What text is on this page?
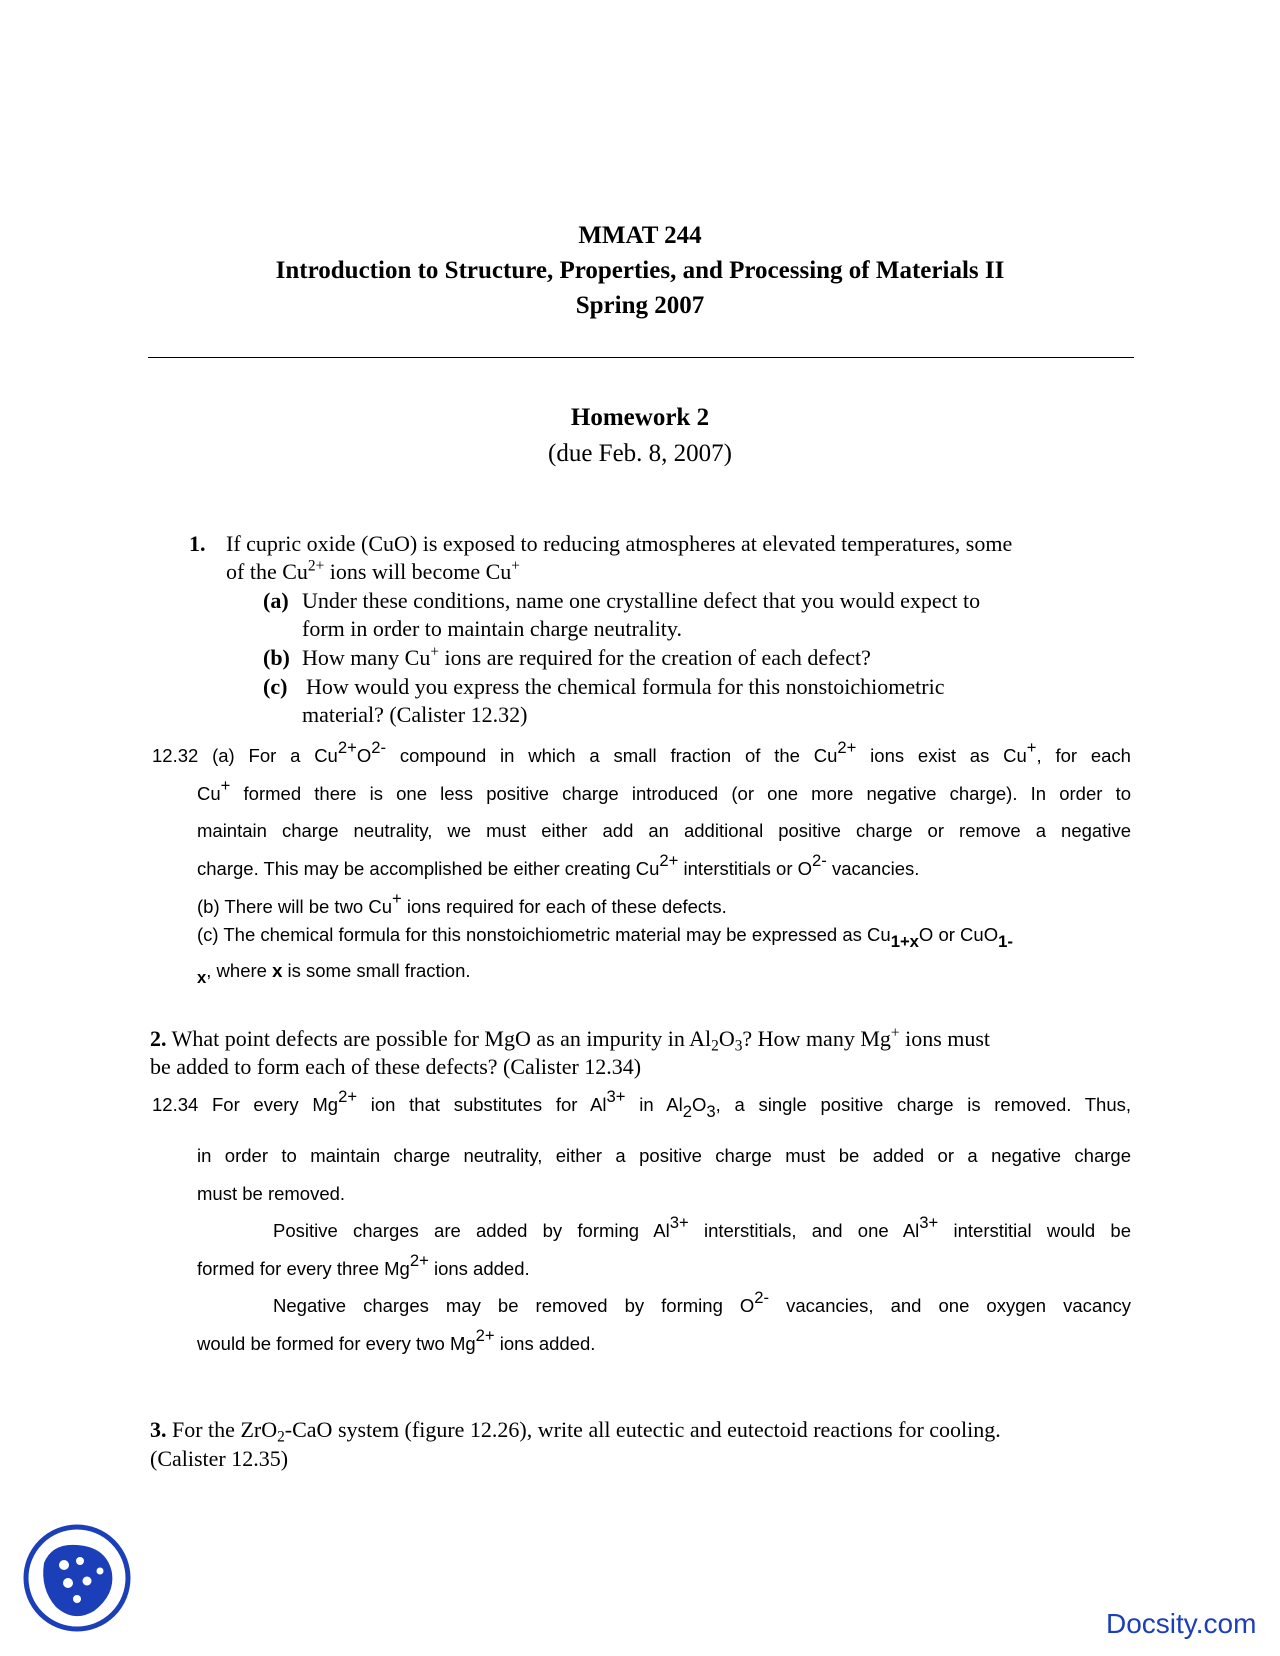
MMAT 244
Introduction to Structure, Properties, and Processing of Materials II
Spring 2007
Homework 2
(due Feb. 8, 2007)
1. If cupric oxide (CuO) is exposed to reducing atmospheres at elevated temperatures, some
of the $Cu^{2+}$ ions will become Cu+
(a) Under these conditions, name one crystalline defect that you would expect to
form in order to maintain charge neutrality.
(b) How many Cu+ ions are required for the creation of each defect?
(c) How would you express the chemical formula for this nonstoichiometric
material? (Calister 12.32)
12.32 (a) For a Cu2+O2- compound in which a small fraction of the Cu2+ ions exist as Cu+, for each
Cu+ formed there is one less positive charge introduced (or one more negative charge). In order to
maintain charge neutrality, we must either add an additional positive charge or remove a negative
charge. This may be accomplished be either creating Cu2+ interstitials or O2- vacancies.
(b) There will be two Cu+ ions required for each of these defects.
(c) The chemical formula for this nonstoichiometric material may be expressed as Cu1+xO or CuO1-
x, where x is some small fraction.
2. What point defects are possible for MgO as an impurity in $Al_2O_3$? How many Mg+ ions must
be added to form each of these defects? (Calister 12.34)
12.34 For every Mg2+ ion that substitutes for Al3+ in Al2O3, a single positive charge is removed. Thus,
in order to maintain charge neutrality, either a positive charge must be added or a negative charge
must be removed.
Positive charges are added by forming Al3+ interstitials, and one Al3+ interstitial would be
formed for every three Mg2+ ions added.
Negative charges may be removed by forming O2- vacancies, and one oxygen vacancy
would be formed for every two Mg2+ ions added.
3. For the ZrO$_2$-CaO system (figure 12.26), write all eutectic and eutectoid reactions for cooling.
(Calister 12.35)
Docsity.com
